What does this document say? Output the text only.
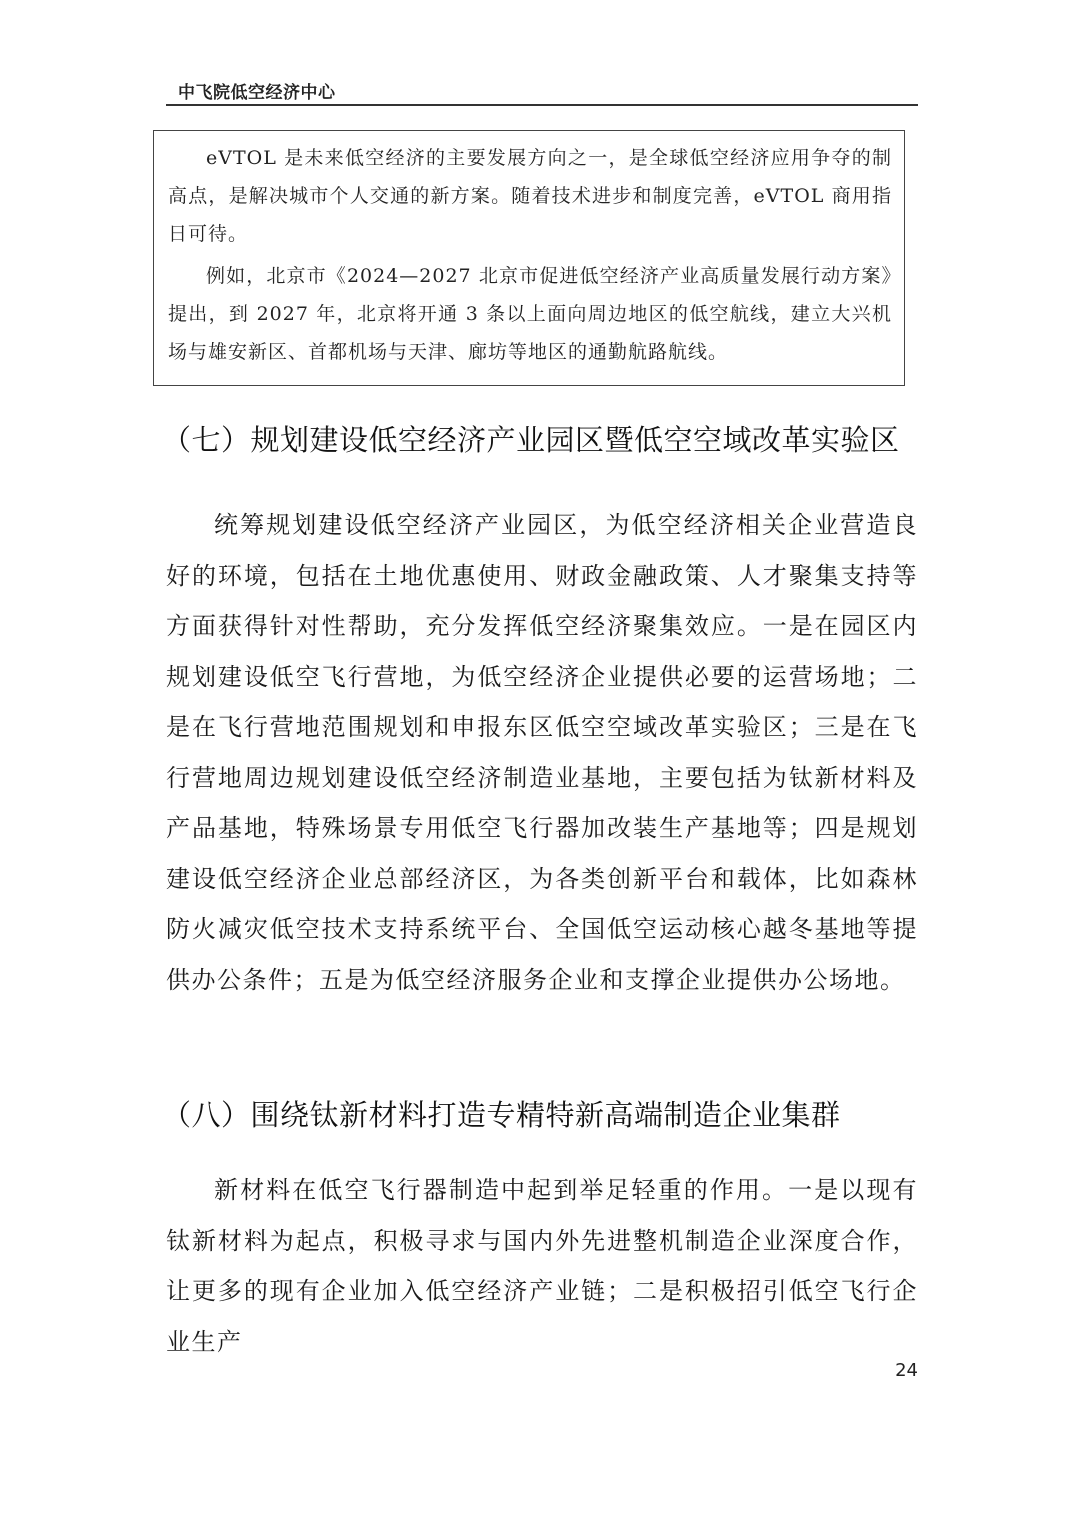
中飞院低空经济中心

eVTOL 是未来低空经济的主要发展方向之一，是全球低空经济应用争夺的制高点，是解决城市个人交通的新方案。随着技术进步和制度完善，eVTOL 商用指日可待。

例如，北京市《2024—2027 北京市促进低空经济产业高质量发展行动方案》提出，到 2027 年，北京将开通 3 条以上面向周边地区的低空航线，建立大兴机场与雄安新区、首都机场与天津、廊坊等地区的通勤航路航线。

（七）规划建设低空经济产业园区暨低空空域改革实验区

统筹规划建设低空经济产业园区，为低空经济相关企业营造良好的环境，包括在土地优惠使用、财政金融政策、人才聚集支持等方面获得针对性帮助，充分发挥低空经济聚集效应。一是在园区内规划建设低空飞行营地，为低空经济企业提供必要的运营场地；二是在飞行营地范围规划和申报东区低空空域改革实验区；三是在飞行营地周边规划建设低空经济制造业基地，主要包括为钛新材料及产品基地，特殊场景专用低空飞行器加改装生产基地等；四是规划建设低空经济企业总部经济区，为各类创新平台和载体，比如森林防火减灾低空技术支持系统平台、全国低空运动核心越冬基地等提供办公条件；五是为低空经济服务企业和支撑企业提供办公场地。

（八）围绕钛新材料打造专精特新高端制造企业集群

新材料在低空飞行器制造中起到举足轻重的作用。一是以现有钛新材料为起点，积极寻求与国内外先进整机制造企业深度合作，让更多的现有企业加入低空经济产业链；二是积极招引低空飞行企业生产

24
